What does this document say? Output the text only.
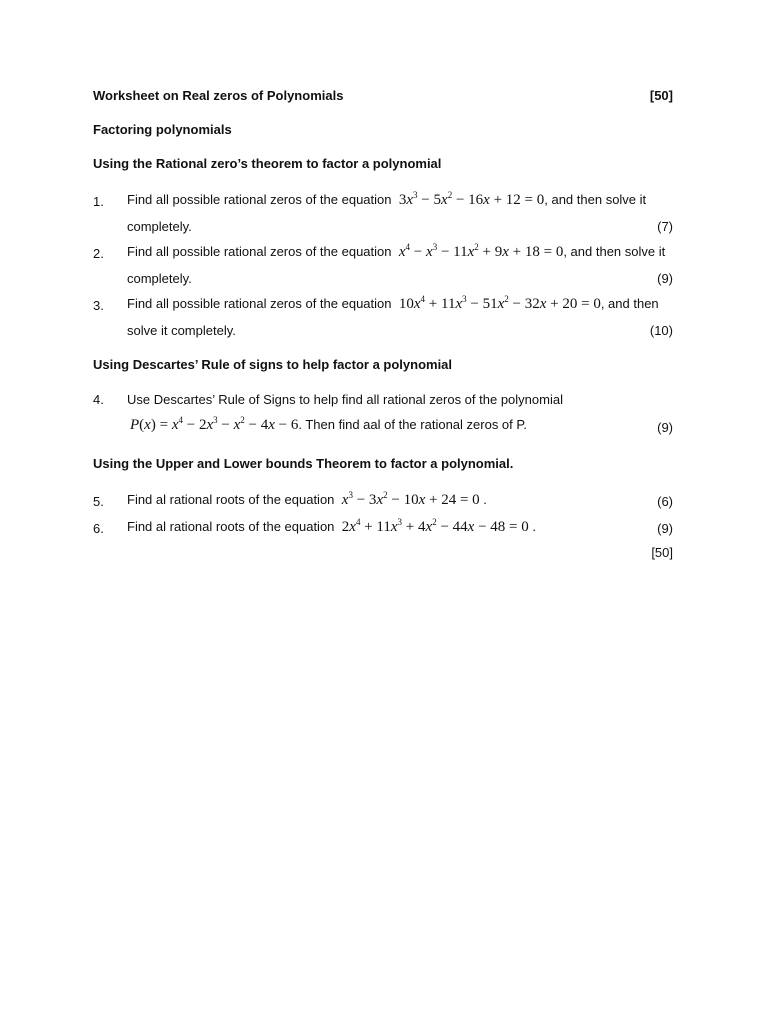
Worksheet on Real zeros of Polynomials	[50]
Factoring polynomials
Using the Rational zero’s theorem to factor a polynomial
1. Find all possible rational zeros of the equation  $3x^3 - 5x^2 - 16x + 12 = 0$, and then solve it
completely.	(7)
2. Find all possible rational zeros of the equation $x^4 - x^3 - 11x^2 + 9x + 18 = 0$, and then solve it
completely.	(9)
3. Find all possible rational zeros of the equation  $10x^4 + 11x^3 - 51x^2 - 32x + 20 = 0$, and then
solve it completely.	(10)
Using Descartes’ Rule of signs to help factor a polynomial
4. Use Descartes’ Rule of Signs to help find all rational zeros of the polynomial
$P(x) = x^4 - 2x^3 - x^2 - 4x - 6$. Then find aal of the rational zeros of P.	(9)
Using the Upper and Lower bounds Theorem to factor a polynomial.
5. Find al rational roots of the equation $x^3 - 3x^2 - 10x + 24 = 0$ .	(6)
6. Find al rational roots of the equation  $2x^4 + 11x^3 + 4x^2 - 44x - 48 = 0$ .	(9)
[50]
